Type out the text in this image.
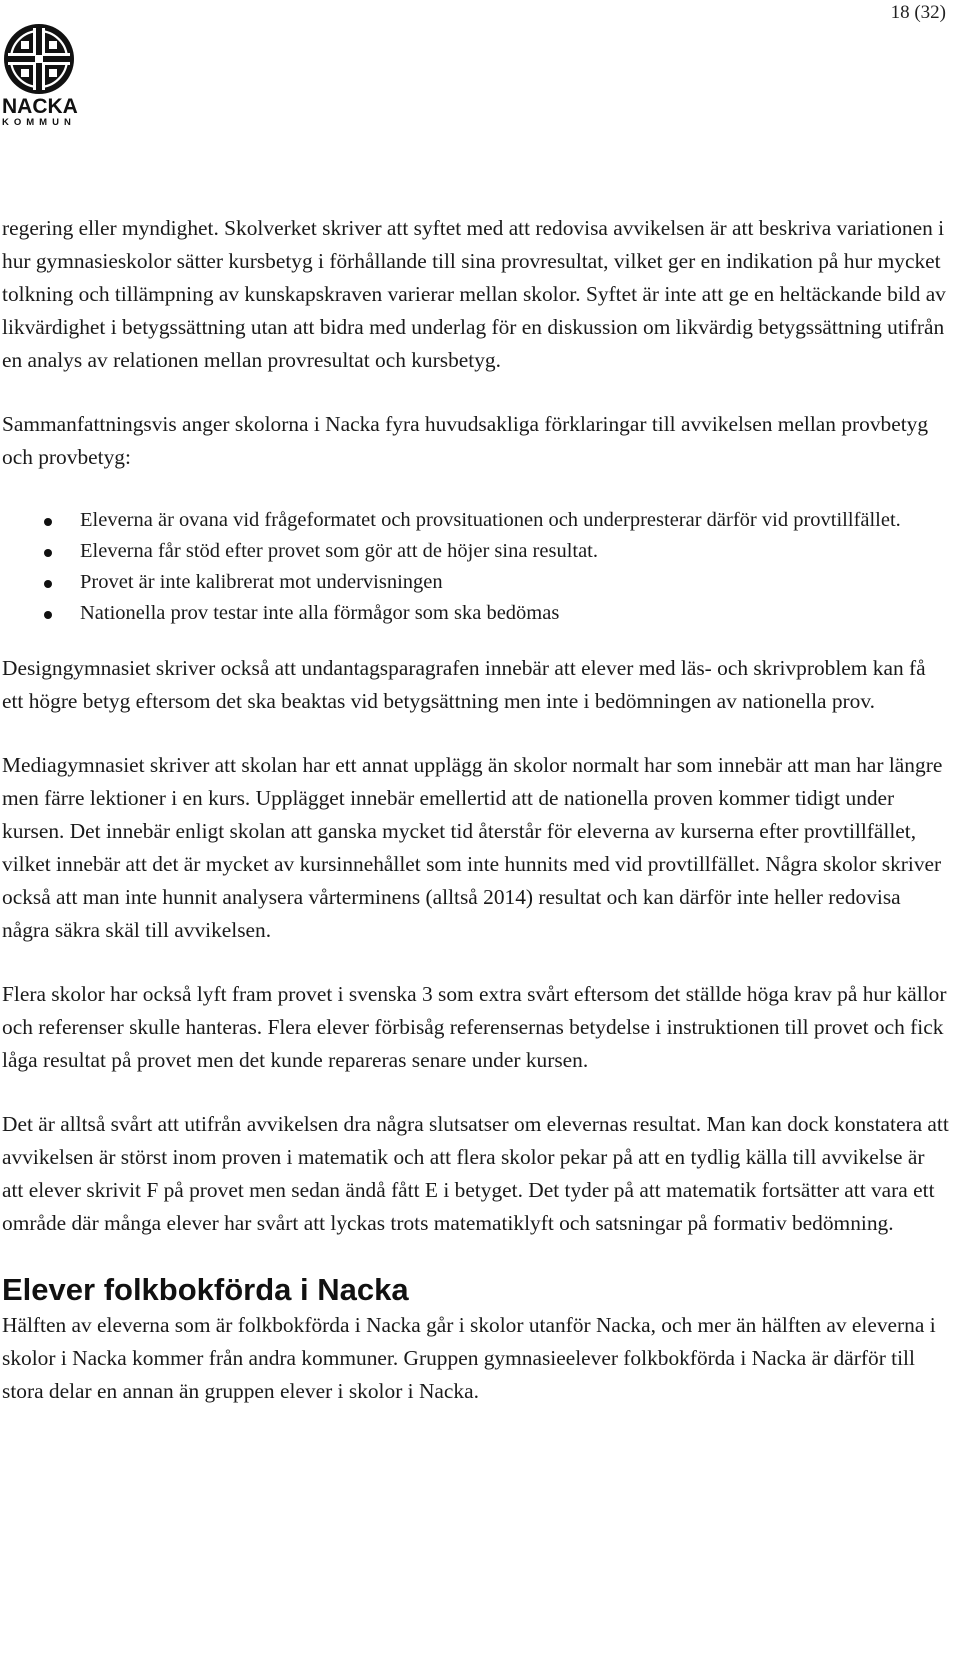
18 (32)
NACKA
KOMMUN

regering eller myndighet. Skolverket skriver att syftet med att redovisa avvikelsen är att beskriva variationen i hur gymnasieskolor sätter kursbetyg i förhållande till sina provresultat, vilket ger en indikation på hur mycket tolkning och tillämpning av kunskapskraven varierar mellan skolor. Syftet är inte att ge en heltäckande bild av likvärdighet i betygssättning utan att bidra med underlag för en diskussion om likvärdig betygssättning utifrån en analys av relationen mellan provresultat och kursbetyg.

Sammanfattningsvis anger skolorna i Nacka fyra huvudsakliga förklaringar till avvikelsen mellan provbetyg och provbetyg:

Eleverna är ovana vid frågeformatet och provsituationen och underpresterar därför vid provtillfället.
Eleverna får stöd efter provet som gör att de höjer sina resultat.
Provet är inte kalibrerat mot undervisningen
Nationella prov testar inte alla förmågor som ska bedömas

Designgymnasiet skriver också att undantagsparagrafen innebär att elever med läs- och skrivproblem kan få ett högre betyg eftersom det ska beaktas vid betygsättning men inte i bedömningen av nationella prov.

Mediagymnasiet skriver att skolan har ett annat upplägg än skolor normalt har som innebär att man har längre men färre lektioner i en kurs. Upplägget innebär emellertid att de nationella proven kommer tidigt under kursen. Det innebär enligt skolan att ganska mycket tid återstår för eleverna av kurserna efter provtillfället, vilket innebär att det är mycket av kursinnehållet som inte hunnits med vid provtillfället. Några skolor skriver också att man inte hunnit analysera vårterminens (alltså 2014) resultat och kan därför inte heller redovisa några säkra skäl till avvikelsen.

Flera skolor har också lyft fram provet i svenska 3 som extra svårt eftersom det ställde höga krav på hur källor och referenser skulle hanteras. Flera elever förbisåg referensernas betydelse i instruktionen till provet och fick låga resultat på provet men det kunde repareras senare under kursen.

Det är alltså svårt att utifrån avvikelsen dra några slutsatser om elevernas resultat. Man kan dock konstatera att avvikelsen är störst inom proven i matematik och att flera skolor pekar på att en tydlig källa till avvikelse är att elever skrivit F på provet men sedan ändå fått E i betyget. Det tyder på att matematik fortsätter att vara ett område där många elever har svårt att lyckas trots matematiklyft och satsningar på formativ bedömning.

Elever folkbokförda i Nacka

Hälften av eleverna som är folkbokförda i Nacka går i skolor utanför Nacka, och mer än hälften av eleverna i skolor i Nacka kommer från andra kommuner. Gruppen gymnasieelever folkbokförda i Nacka är därför till stora delar en annan än gruppen elever i skolor i Nacka.
